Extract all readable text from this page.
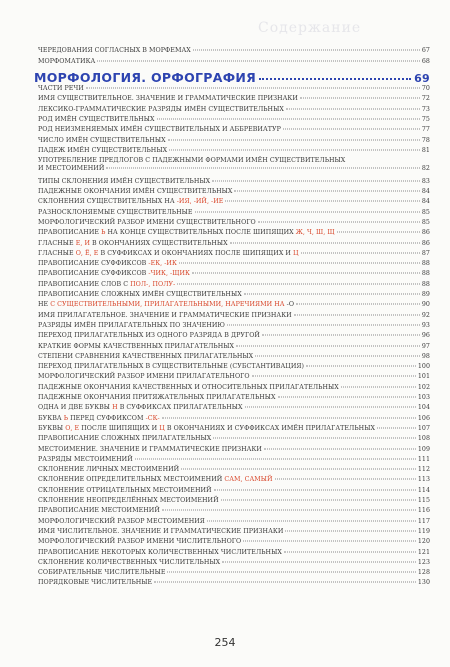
Содержание
МОРФОЛОГИЯ. ОРФОГРАФИЯ	69
ЧЕРЕДОВАНИЯ СОГЛАСНЫХ В МОРФЕМАХ	67
МОРФОМАТИКА	68
ЧАСТИ РЕЧИ	70
ИМЯ СУЩЕСТВИТЕЛЬНОЕ. ЗНАЧЕНИЕ И ГРАММАТИЧЕСКИЕ ПРИЗНАКИ	72
ЛЕКСИКО-ГРАММАТИЧЕСКИЕ РАЗРЯДЫ ИМЁН СУЩЕСТВИТЕЛЬНЫХ	73
РОД ИМЁН СУЩЕСТВИТЕЛЬНЫХ	75
РОД НЕИЗМЕНЯЕМЫХ ИМЁН СУЩЕСТВИТЕЛЬНЫХ И АББРЕВИАТУР	77
ЧИСЛО ИМЁН СУЩЕСТВИТЕЛЬНЫХ	78
ПАДЕЖ ИМЁН СУЩЕСТВИТЕЛЬНЫХ	81
УПОТРЕБЛЕНИЕ ПРЕДЛОГОВ С ПАДЕЖНЫМИ ФОРМАМИ ИМЁН СУЩЕСТВИТЕЛЬНЫХ
И МЕСТОИМЕНИЙ	82
ТИПЫ СКЛОНЕНИЯ ИМЁН СУЩЕСТВИТЕЛЬНЫХ	83
ПАДЕЖНЫЕ ОКОНЧАНИЯ ИМЁН СУЩЕСТВИТЕЛЬНЫХ	84
СКЛОНЕНИЯ СУЩЕСТВИТЕЛЬНЫХ НА -ИЯ, -ИЙ, -ИЕ	84
РАЗНОСКЛОНЯЕМЫЕ СУЩЕСТВИТЕЛЬНЫЕ	85
МОРФОЛОГИЧЕСКИЙ РАЗБОР ИМЕНИ СУЩЕСТВИТЕЛЬНОГО	85
ПРАВОПИСАНИЕ Ь НА КОНЦЕ СУЩЕСТВИТЕЛЬНЫХ ПОСЛЕ ШИПЯЩИХ Ж, Ч, Ш, Щ	86
ГЛАСНЫЕ Е, И В ОКОНЧАНИЯХ СУЩЕСТВИТЕЛЬНЫХ	86
ГЛАСНЫЕ О, Ё, Е В СУФФИКСАХ И ОКОНЧАНИЯХ ПОСЛЕ ШИПЯЩИХ И Ц	87
ПРАВОПИСАНИЕ СУФФИКСОВ -ЕК, -ИК	88
ПРАВОПИСАНИЕ СУФФИКСОВ -ЧИК, -ЩИК	88
ПРАВОПИСАНИЕ СЛОВ С ПОЛ-, ПОЛУ-	88
ПРАВОПИСАНИЕ СЛОЖНЫХ ИМЁН СУЩЕСТВИТЕЛЬНЫХ	89
НЕ С СУЩЕСТВИТЕЛЬНЫМИ, ПРИЛАГАТЕЛЬНЫМИ, НАРЕЧИЯМИ НА -О	90
ИМЯ ПРИЛАГАТЕЛЬНОЕ. ЗНАЧЕНИЕ И ГРАММАТИЧЕСКИЕ ПРИЗНАКИ	92
РАЗРЯДЫ ИМЁН ПРИЛАГАТЕЛЬНЫХ ПО ЗНАЧЕНИЮ	93
ПЕРЕХОД ПРИЛАГАТЕЛЬНЫХ ИЗ ОДНОГО РАЗРЯДА В ДРУГОЙ	96
КРАТКИЕ ФОРМЫ КАЧЕСТВЕННЫХ ПРИЛАГАТЕЛЬНЫХ	97
СТЕПЕНИ СРАВНЕНИЯ КАЧЕСТВЕННЫХ ПРИЛАГАТЕЛЬНЫХ	98
ПЕРЕХОД ПРИЛАГАТЕЛЬНЫХ В СУЩЕСТВИТЕЛЬНЫЕ (СУБСТАНТИВАЦИЯ)	100
МОРФОЛОГИЧЕСКИЙ РАЗБОР ИМЕНИ ПРИЛАГАТЕЛЬНОГО	101
ПАДЕЖНЫЕ ОКОНЧАНИЯ КАЧЕСТВЕННЫХ И ОТНОСИТЕЛЬНЫХ ПРИЛАГАТЕЛЬНЫХ	102
ПАДЕЖНЫЕ ОКОНЧАНИЯ ПРИТЯЖАТЕЛЬНЫХ ПРИЛАГАТЕЛЬНЫХ	103
ОДНА И ДВЕ БУКВЫ Н В СУФФИКСАХ ПРИЛАГАТЕЛЬНЫХ	104
БУКВА Ь ПЕРЕД СУФФИКСОМ -СК-	106
БУКВЫ О, Е ПОСЛЕ ШИПЯЩИХ И Ц В ОКОНЧАНИЯХ И СУФФИКСАХ ИМЁН ПРИЛАГАТЕЛЬНЫХ	107
ПРАВОПИСАНИЕ СЛОЖНЫХ ПРИЛАГАТЕЛЬНЫХ	108
МЕСТОИМЕНИЕ. ЗНАЧЕНИЕ И ГРАММАТИЧЕСКИЕ ПРИЗНАКИ	109
РАЗРЯДЫ МЕСТОИМЕНИЙ	111
СКЛОНЕНИЕ ЛИЧНЫХ МЕСТОИМЕНИЙ	112
СКЛОНЕНИЕ ОПРЕДЕЛИТЕЛЬНЫХ МЕСТОИМЕНИЙ САМ, САМЫЙ	113
СКЛОНЕНИЕ ОТРИЦАТЕЛЬНЫХ МЕСТОИМЕНИЙ	114
СКЛОНЕНИЕ НЕОПРЕДЕЛЁННЫХ МЕСТОИМЕНИЙ	115
ПРАВОПИСАНИЕ МЕСТОИМЕНИЙ	116
МОРФОЛОГИЧЕСКИЙ РАЗБОР МЕСТОИМЕНИЯ	117
ИМЯ ЧИСЛИТЕЛЬНОЕ. ЗНАЧЕНИЕ И ГРАММАТИЧЕСКИЕ ПРИЗНАКИ	119
МОРФОЛОГИЧЕСКИЙ РАЗБОР ИМЕНИ ЧИСЛИТЕЛЬНОГО	120
ПРАВОПИСАНИЕ НЕКОТОРЫХ КОЛИЧЕСТВЕННЫХ ЧИСЛИТЕЛЬНЫХ	121
СКЛОНЕНИЕ КОЛИЧЕСТВЕННЫХ ЧИСЛИТЕЛЬНЫХ	123
СОБИРАТЕЛЬНЫЕ ЧИСЛИТЕЛЬНЫЕ	128
ПОРЯДКОВЫЕ ЧИСЛИТЕЛЬНЫЕ	130
254
